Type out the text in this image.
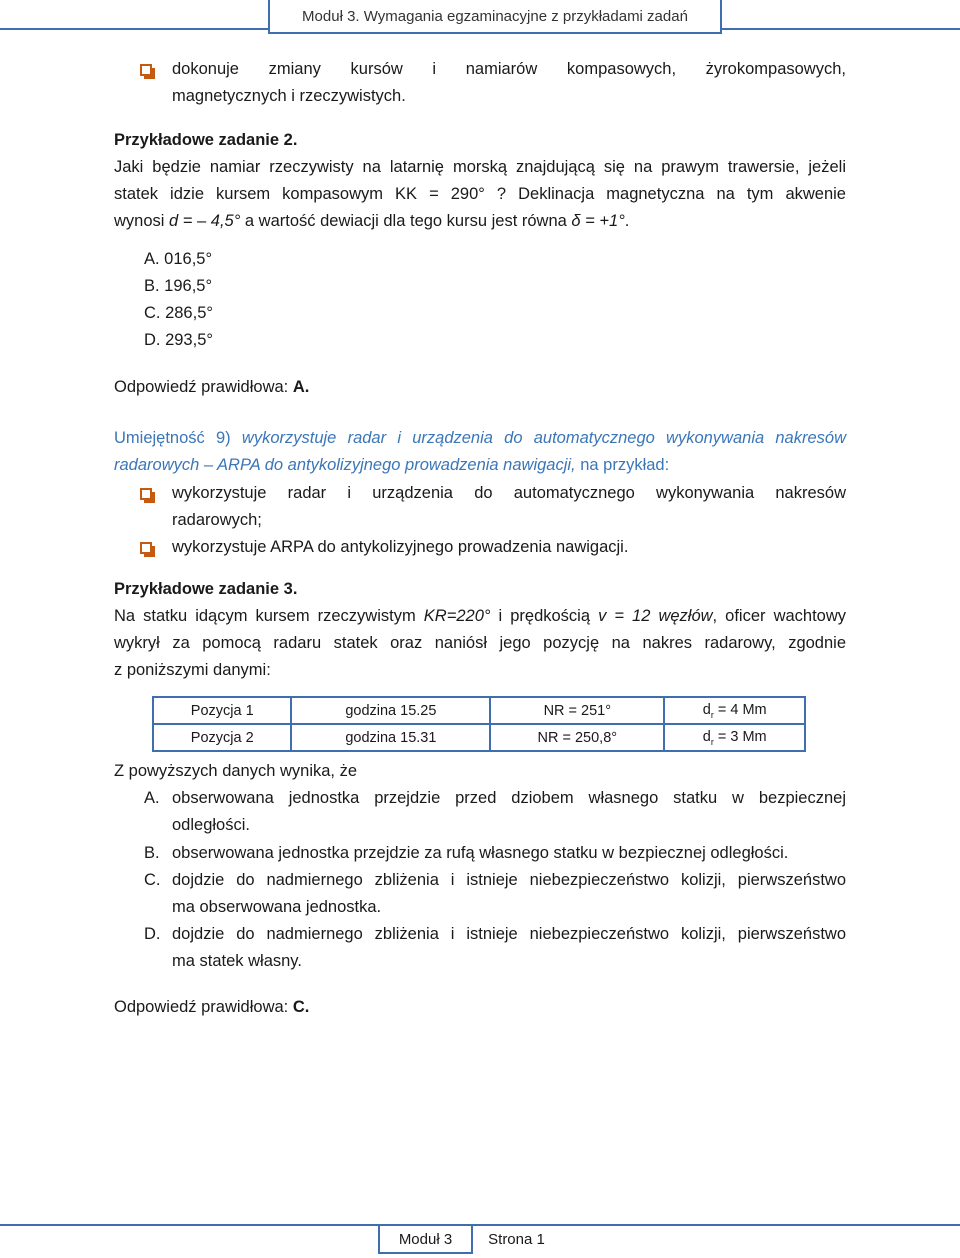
Moduł 3. Wymagania egzaminacyjne z przykładami zadań
dokonuje zmiany kursów i namiarów kompasowych, żyrokompasowych,
magnetycznych i rzeczywistych.
Przykładowe zadanie 2.
Jaki będzie namiar rzeczywisty na latarnię morską znajdującą się na prawym trawersie, jeżeli
statek idzie kursem kompasowym KK = 290° ? Deklinacja magnetyczna na tym akwenie
wynosi d = – 4,5° a wartość dewiacji dla tego kursu jest równa δ = +1°.
A. 016,5°
B. 196,5°
C. 286,5°
D. 293,5°
Odpowiedź prawidłowa: A.
Umiejętność 9) wykorzystuje radar i urządzenia do automatycznego wykonywania nakresów
radarowych – ARPA do antykolizyjnego prowadzenia nawigacji, na przykład:
wykorzystuje radar i urządzenia do automatycznego wykonywania nakresów
radarowych;
wykorzystuje ARPA do antykolizyjnego prowadzenia nawigacji.
Przykładowe zadanie 3.
Na statku idącym kursem rzeczywistym KR=220° i prędkością v = 12 węzłów, oficer wachtowy
wykrył za pomocą radaru statek oraz naniósł jego pozycję na nakres radarowy, zgodnie
z poniższymi danymi:
Pozycja 1	godzina 15.25	NR = 251°	$d_r = 4$ Mm
Pozycja 2	godzina 15.31	NR = 250,8°	$d_r = 3$ Mm
Z powyższych danych wynika, że
A. obserwowana jednostka przejdzie przed dziobem własnego statku w bezpiecznej
odległości.
B. obserwowana jednostka przejdzie za rufą własnego statku w bezpiecznej odległości.
C. dojdzie do nadmiernego zbliżenia i istnieje niebezpieczeństwo kolizji, pierwszeństwo
ma obserwowana jednostka.
D. dojdzie do nadmiernego zbliżenia i istnieje niebezpieczeństwo kolizji, pierwszeństwo
ma statek własny.
Odpowiedź prawidłowa: C.
Moduł 3	Strona 1
